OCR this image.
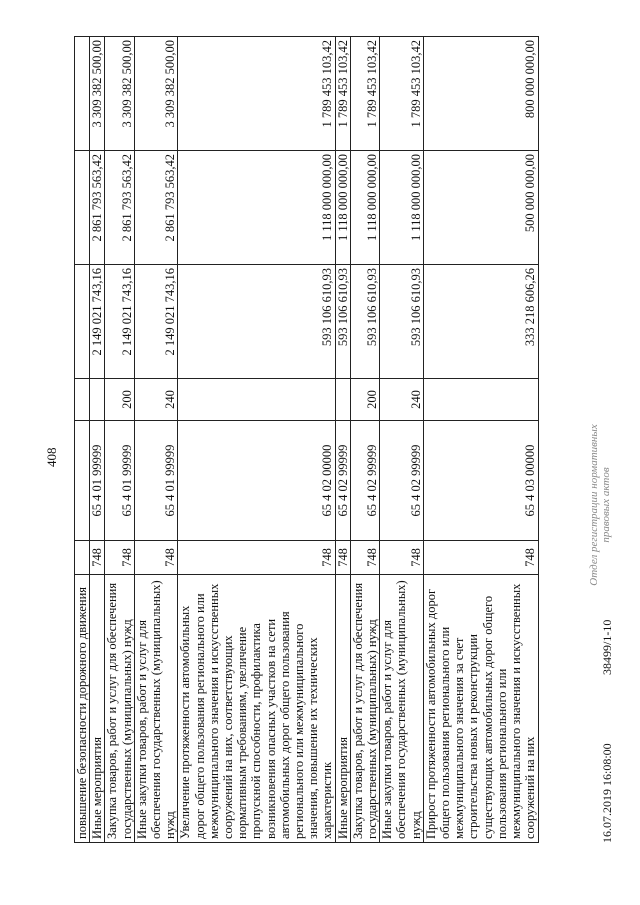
408
повышение безопасности дорожного движения						
Иные мероприятия	748	65 4 01 99999		2 149 021 743,16	2 861 793 563,42	3 309 382 500,00
Закупка товаров, работ и услуг для обеспечения государственных (муниципальных) нужд	748	65 4 01 99999	200	2 149 021 743,16	2 861 793 563,42	3 309 382 500,00
Иные закупки товаров, работ и услуг для обеспечения государственных (муниципальных) нужд	748	65 4 01 99999	240	2 149 021 743,16	2 861 793 563,42	3 309 382 500,00
Увеличение протяженности автомобильных дорог общего пользования регионального или межмуниципального значения и искусственных сооружений на них, соответствующих нормативным требованиям, увеличение пропускной способности, профилактика возникновения опасных участков на сети автомобильных дорог общего пользования регионального или межмуниципального значения, повышение их технических характеристик	748	65 4 02 00000		593 106 610,93	1 118 000 000,00	1 789 453 103,42
Иные мероприятия	748	65 4 02 99999		593 106 610,93	1 118 000 000,00	1 789 453 103,42
Закупка товаров, работ и услуг для обеспечения государственных (муниципальных) нужд	748	65 4 02 99999	200	593 106 610,93	1 118 000 000,00	1 789 453 103,42
Иные закупки товаров, работ и услуг для обеспечения государственных (муниципальных) нужд	748	65 4 02 99999	240	593 106 610,93	1 118 000 000,00	1 789 453 103,42
Прирост протяженности автомобильных дорог общего пользования регионального или межмуниципального значения за счет строительства новых и реконструкции существующих автомобильных дорог общего пользования регионального или межмуниципального значения и искусственных сооружений на них	748	65 4 03 00000		333 218 606,26	500 000 000,00	800 000 000,00
Отдел регистрации нормативных правовых актов
16.07.2019 16:08:00
38499/1-10
